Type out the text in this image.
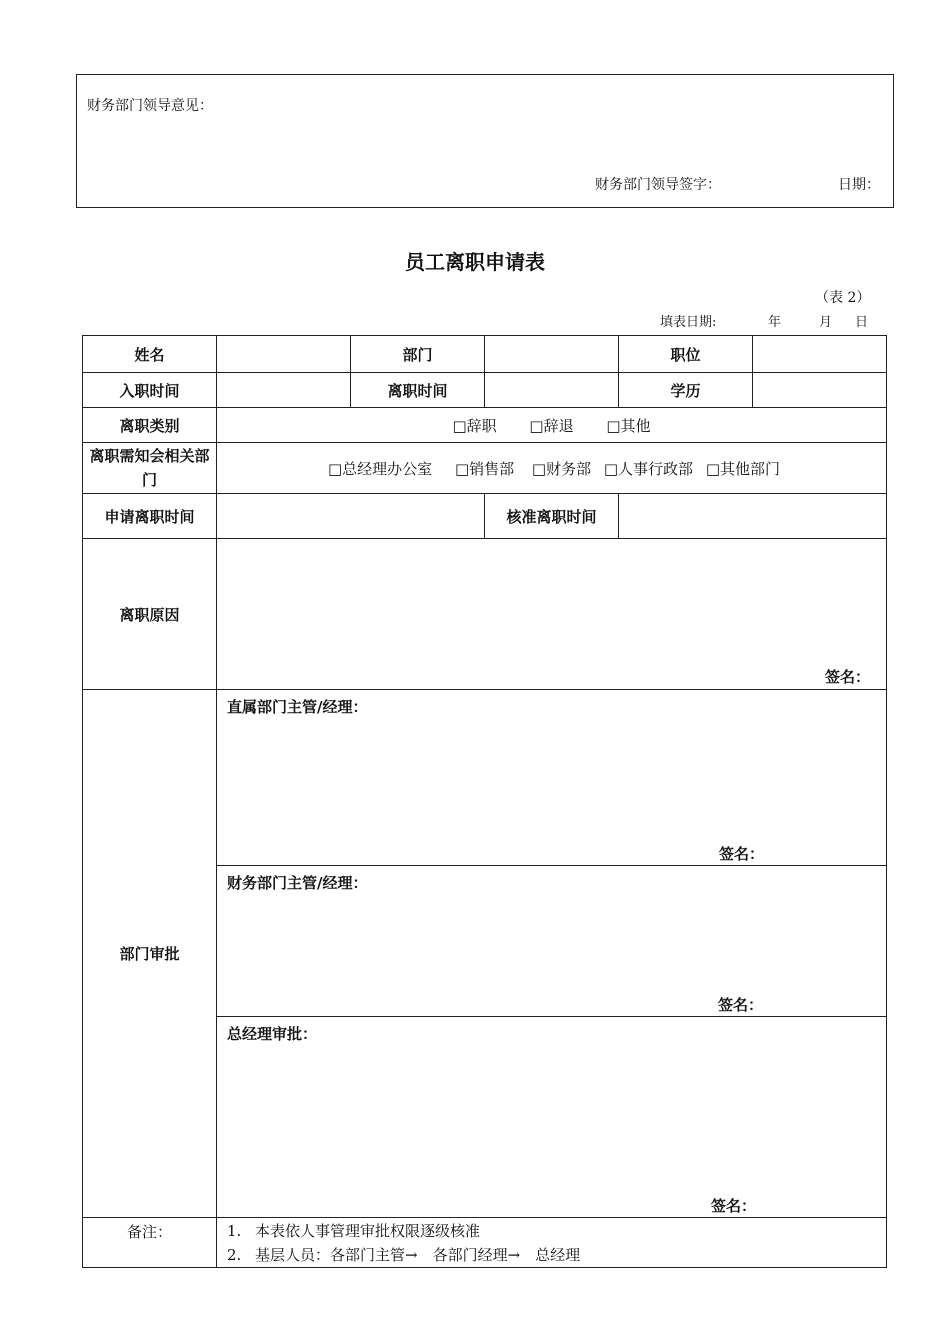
财务部门领导意见：
财务部门领导签字：	日期：
员工离职申请表
（表 2）
填表日期:	年	月 日
姓名		部门		职位	
入职时间		离职时间		学历	
离职类别	□辞职 □辞退 □其他				
离职需知会相关部门	□总经理办公室 □销售部 □财务部 □人事行政部 □其他部门				
申请离职时间			核准离职时间		
离职原因	签名：				

部门审批	直属部门主管/经理：
签名：				

	财务部门主管/经理：
签名：				

	总经理审批：
签名：				

备注：	1. 本表依人事管理审批权限逐级核准
2. 基层人员：各部门主管→　各部门经理→　总经理				
